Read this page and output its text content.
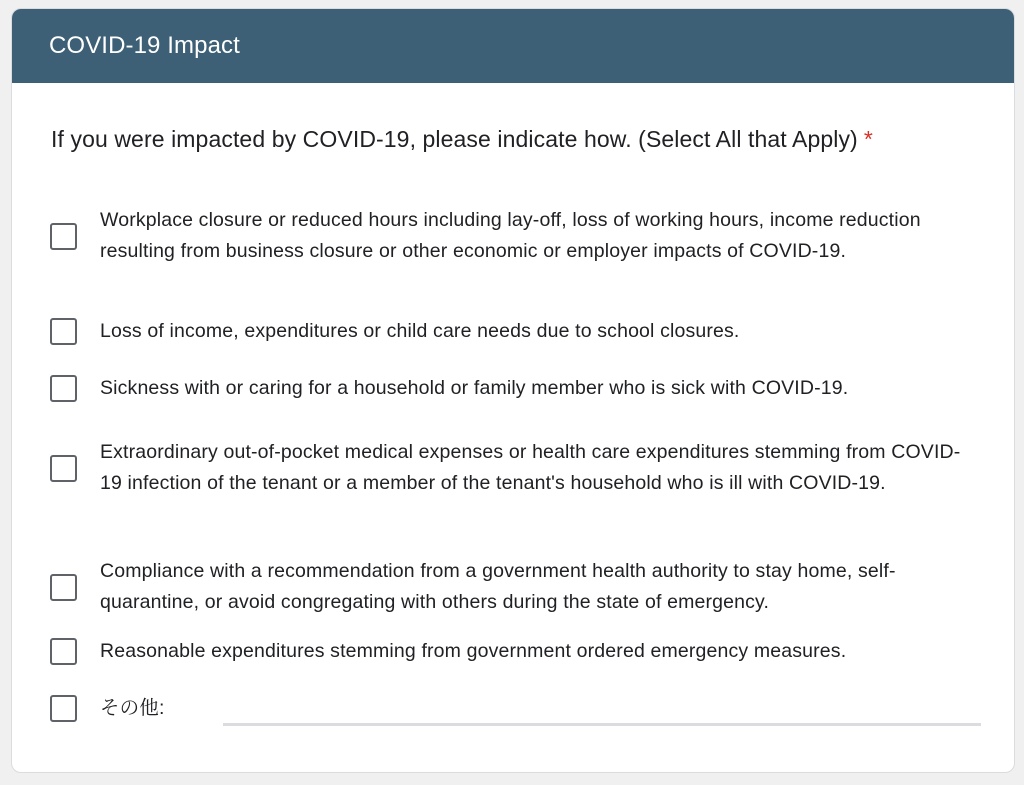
COVID-19 Impact
If you were impacted by COVID-19, please indicate how. (Select All that Apply) *
Workplace closure or reduced hours including lay-off, loss of working hours, income reduction resulting from business closure or other economic or employer impacts of COVID-19.
Loss of income, expenditures or child care needs due to school closures.
Sickness with or caring for a household or family member who is sick with COVID-19.
Extraordinary out-of-pocket medical expenses or health care expenditures stemming from COVID-19 infection of the tenant or a member of the tenant's household who is ill with COVID-19.
Compliance with a recommendation from a government health authority to stay home, self-quarantine, or avoid congregating with others during the state of emergency.
Reasonable expenditures stemming from government ordered emergency measures.
その他:
